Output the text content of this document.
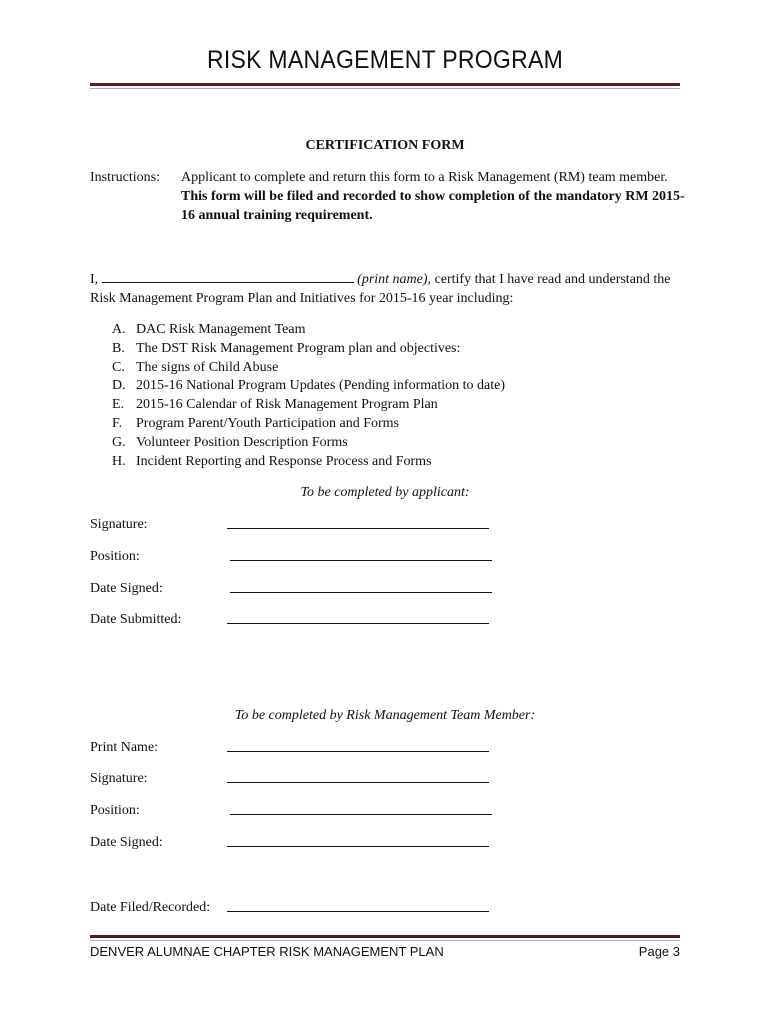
RISK MANAGEMENT PROGRAM
CERTIFICATION FORM
Instructions: Applicant to complete and return this form to a Risk Management (RM) team member.
This form will be filed and recorded to show completion of the mandatory RM 2015-
16 annual training requirement.
I,	(print name), certify that I have read and understand the
Risk Management Program Plan and Initiatives for 2015-16 year including:
A. DAC Risk Management Team
B. The DST Risk Management Program plan and objectives:
C. The signs of Child Abuse
D. 2015-16 National Program Updates (Pending information to date)
E. 2015-16 Calendar of Risk Management Program Plan
F. Program Parent/Youth Participation and Forms
G. Volunteer Position Description Forms
H. Incident Reporting and Response Process and Forms
To be completed by applicant:
Signature:
Position:
Date Signed:
Date Submitted:
To be completed by Risk Management Team Member:
Print Name:
Signature:
Position:
Date Signed:
Date Filed/Recorded:
DENVER ALUMNAE CHAPTER RISK MANAGEMENT PLAN	Page 3
